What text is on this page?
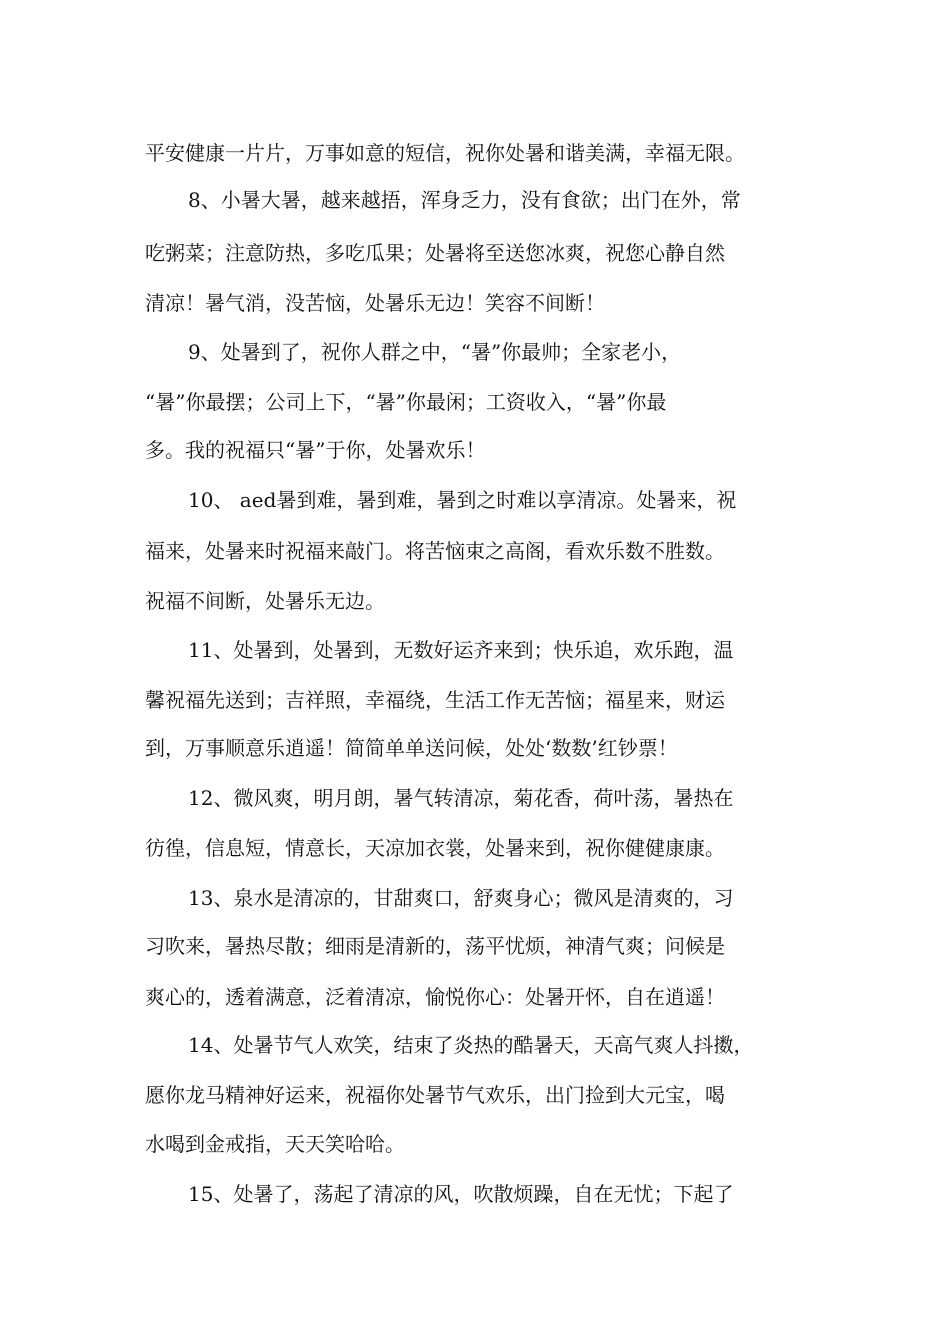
平安健康一片片，万事如意的短信，祝你处暑和谐美满，幸福无限。
8、小暑大暑，越来越捂，浑身乏力，没有食欲；出门在外，常
吃粥菜；注意防热，多吃瓜果；处暑将至送您冰爽，祝您心静自然
清凉！暑气消，没苦恼，处暑乐无边！笑容不间断！
9、处暑到了，祝你人群之中，“暑”你最帅；全家老小，
“暑”你最摆；公司上下，“暑”你最闲；工资收入，“暑”你最
多。我的祝福只“暑”于你，处暑欢乐！
10、 aed暑到难，暑到难，暑到之时难以享清凉。处暑来，祝
福来，处暑来时祝福来敲门。将苦恼束之高阁，看欢乐数不胜数。
祝福不间断，处暑乐无边。
11、处暑到，处暑到，无数好运齐来到；快乐追，欢乐跑，温
馨祝福先送到；吉祥照，幸福绕，生活工作无苦恼；福星来，财运
到，万事顺意乐逍遥！简简单单送问候，处处‘数数’红钞票！
12、微风爽，明月朗，暑气转清凉，菊花香，荷叶荡，暑热在
彷徨，信息短，情意长，天凉加衣裳，处暑来到，祝你健健康康。
13、泉水是清凉的，甘甜爽口，舒爽身心；微风是清爽的，习
习吹来，暑热尽散；细雨是清新的，荡平忧烦，神清气爽；问候是
爽心的，透着满意，泛着清凉，愉悦你心：处暑开怀，自在逍遥！
14、处暑节气人欢笑，结束了炎热的酷暑天，天高气爽人抖擞，
愿你龙马精神好运来，祝福你处暑节气欢乐，出门捡到大元宝，喝
水喝到金戒指，天天笑哈哈。
15、处暑了，荡起了清凉的风，吹散烦躁，自在无忧；下起了
